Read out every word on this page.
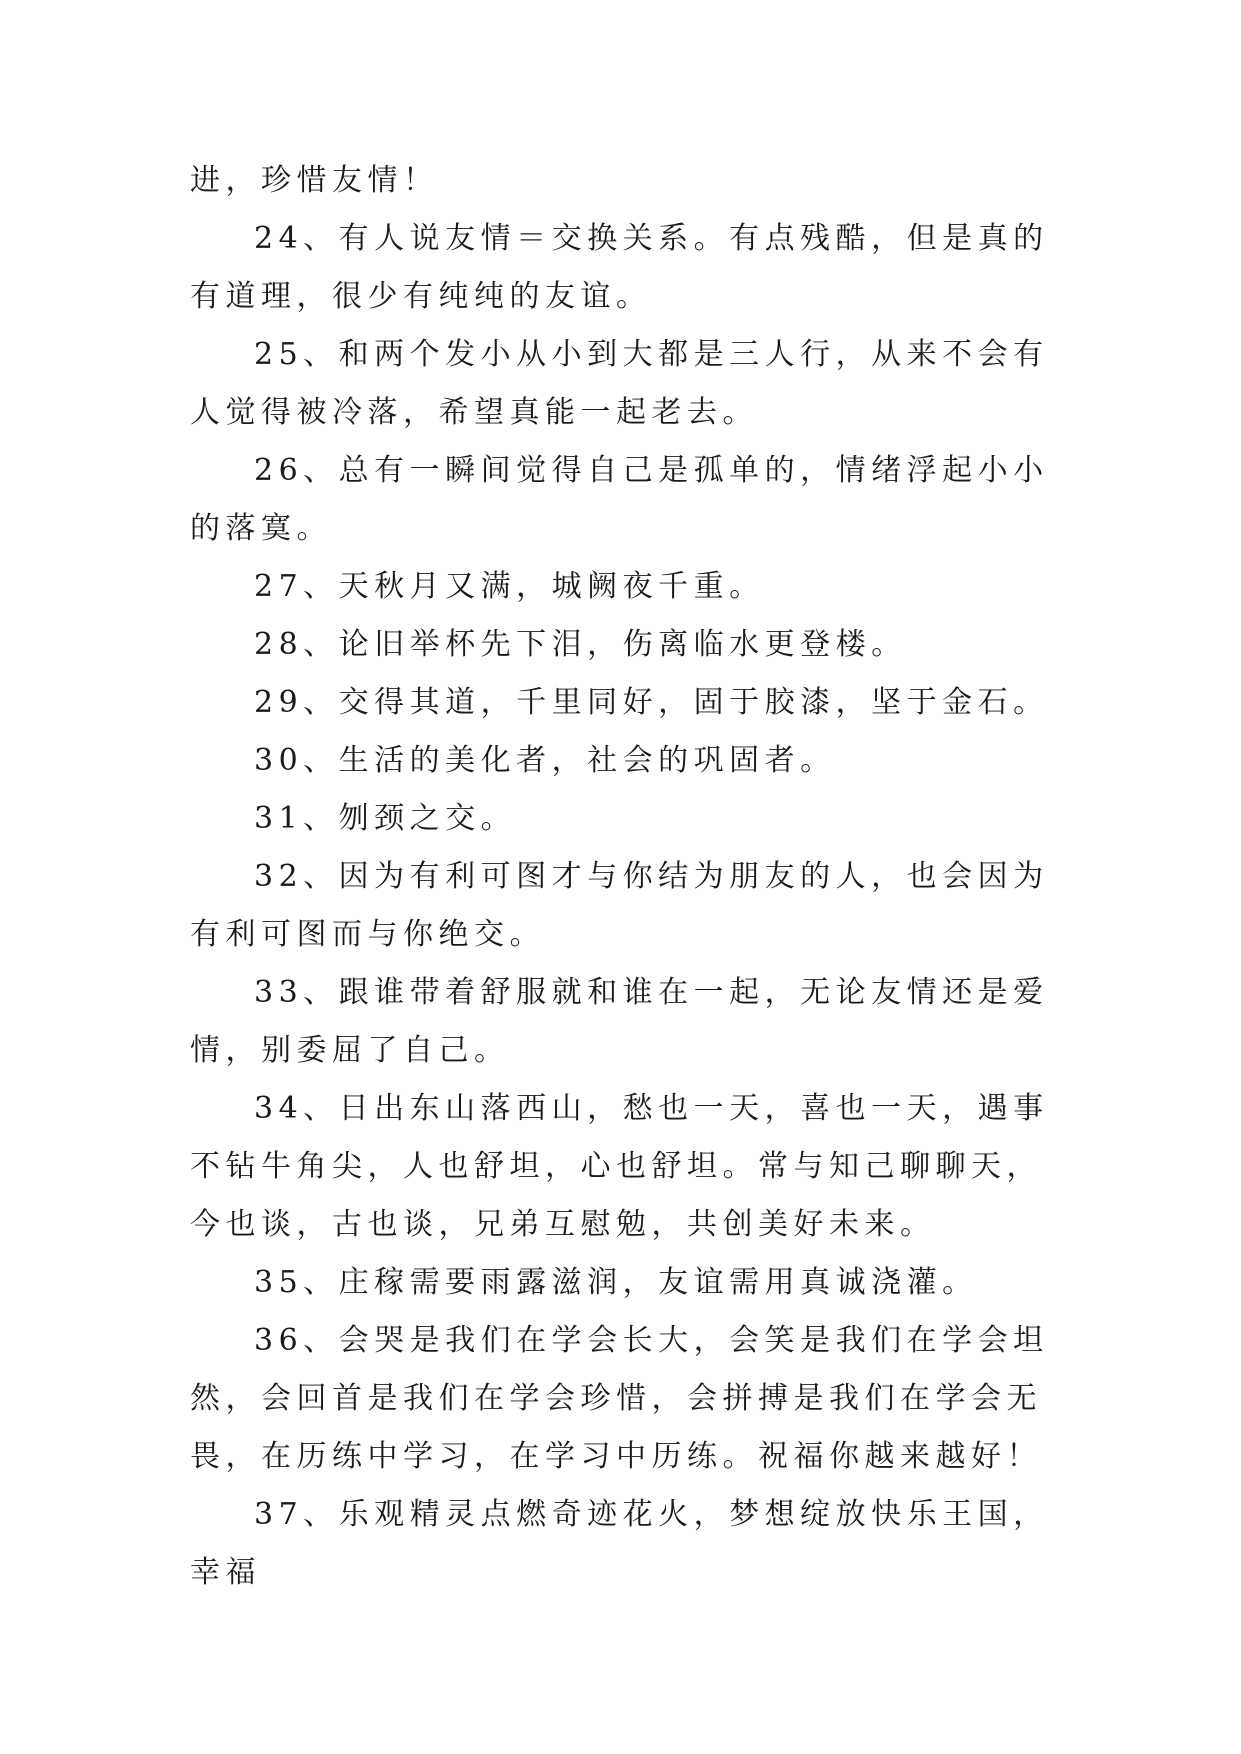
进，珍惜友情！

24、有人说友情＝交换关系。有点残酷，但是真的有道理，很少有纯纯的友谊。

25、和两个发小从小到大都是三人行，从来不会有人觉得被冷落，希望真能一起老去。

26、总有一瞬间觉得自己是孤单的，情绪浮起小小的落寞。

27、天秋月又满，城阙夜千重。

28、论旧举杯先下泪，伤离临水更登楼。

29、交得其道，千里同好，固于胶漆，坚于金石。

30、生活的美化者，社会的巩固者。

31、刎颈之交。

32、因为有利可图才与你结为朋友的人，也会因为有利可图而与你绝交。

33、跟谁带着舒服就和谁在一起，无论友情还是爱情，别委屈了自己。

34、日出东山落西山，愁也一天，喜也一天，遇事不钻牛角尖，人也舒坦，心也舒坦。常与知己聊聊天，今也谈，古也谈，兄弟互慰勉，共创美好未来。

35、庄稼需要雨露滋润，友谊需用真诚浇灌。

36、会哭是我们在学会长大，会笑是我们在学会坦然，会回首是我们在学会珍惜，会拼搏是我们在学会无畏，在历练中学习，在学习中历练。祝福你越来越好！

37、乐观精灵点燃奇迹花火，梦想绽放快乐王国，幸福
